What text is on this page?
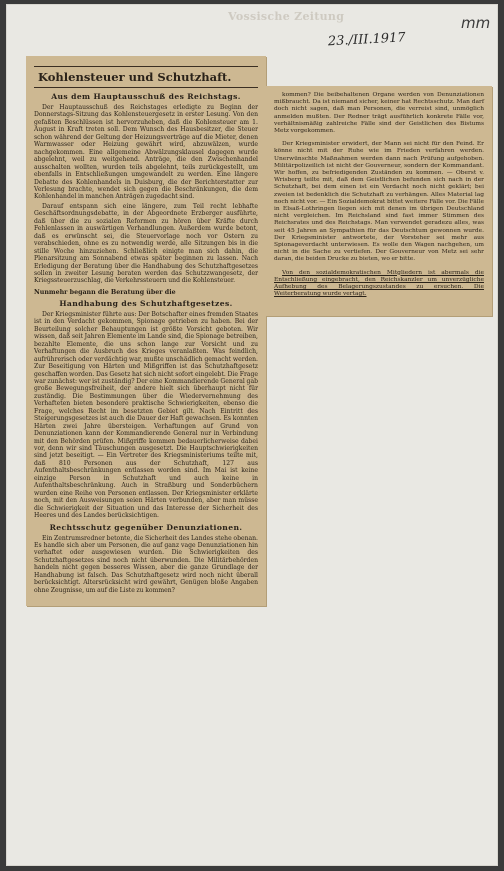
Vossische Zeitung	mm
23./III.1917
Kohlensteuer und Schutzhaft.
Aus dem Hauptausschuß des Reichstags.

Der Hauptausschuß des Reichstages erledigte zu Beginn der Donnerstags-Sitzung das Kohlensteuergesetz in erster Lesung. Von den gefaßten Beschlüssen ist hervorzuheben, daß die Kohlensteuer am 1. August in Kraft treten soll. Dem Wunsch des Hausbesitzer, die Steuer schon während der Geltung der Heizungsverträge auf die Mieter, denen Warmwasser oder Heizung gewährt wird, abzuwälzen, wurde nachgekommen. Eine allgemeine Abwälzungsklausel dagegen wurde abgelehnt, weil zu weitgehend. Anträge, die den Zwischenhandel ausschalten wollten, wurden teils abgelehnt, teils zurückgestellt, um ebenfalls in Entschließungen umgewandelt zu werden. Eine längere Debatte des Kohlenhandels in Duisburg, die der Berichterstatter zur Verlesung brachte, wendet sich gegen die Beschränkungen, die dem Kohlenhandel in manchen Anträgen zugedacht sind.

Darauf entspann sich eine längere, zum Teil recht lebhafte Geschäftsordnungsdebatte, in der Abgeordnete Erzberger ausführte, daß über die zu sozialen Reformen zu hören über Kräfte durch Fehlenlassen in auswärtigen Verhandlungen. Außerdem wurde betont, daß es erwünscht sei, die Steuervorlage noch vor Ostern zu verabschieden, ohne es zu notwendig werde, alle Sitzungen bis in die stille Woche hinzuziehen. Schließlich einigte man sich dahin, die Plenarsitzung am Sonnabend etwas später beginnen zu lassen. Nach Erledigung der Beratung über die Handhabung des Schutzhaftgesetzes sollen in zweiter Lesung beraten werden das Schutzzwangesetz, der Kriegssteuerzuschlag, die Verkehrssteuern und die Kohlensteuer.

Nunmehr begann die Beratung über die
Handhabung des Schutzhaftgesetzes.

Der Kriegsminister führte aus: Der Botschafter eines fremden Staates ist in den Verdacht gekommen, Spionage getrieben zu haben. Bei der Beurteilung solcher Behauptungen ist größte Vorsicht geboten. Wir wissen, daß seit Jahren Elemente im Lande sind, die Spionage betreiben, bezahlte Elemente, die uns schon lange zur Vorsicht und zu Verhaftungen die Ausbruch des Krieges veranlaßten. Was feindlich, aufrührerisch oder verdächtig war, mußte unschädlich gemacht werden. Zur Beseitigung von Härten und Mißgriffen ist das Schutzhaftgesetz geschaffen worden. Das Gesetz hat sich nicht sofort eingelebt. Die Frage war zunächst: wer ist zuständig? Der eine Kommandierende General gab große Bewegungsfreiheit, der andere hielt sich überhaupt nicht für zuständig. Die Bestimmungen über die Wiedervernehmung des Verhafteten bieten besondere praktische Schwierigkeiten, ebenso die Frage, welches Recht im besetzten Gebiet gilt. Nach Eintritt des Steigerungsgesetzes ist auch die Dauer der Haft gewachsen. Es konnten Härten zwei Jahre übersteigen. Verhaftungen auf Grund von Denunziationen kann der Kommandierende General nur in Verbindung mit den Behörden prüfen. Mißgriffe kommen bedauerlicherweise dabei vor, denn wir sind Täuschungen ausgesetzt. Die Hauptschwierigkeiten sind jetzt beseitigt. — Ein Vertreter des Kriegsministeriums teilte mit, daß 810 Personen aus der Schutzhaft, 127 aus Aufenthaltsbeschränkungen entlassen worden sind. Im Mai ist keine einzige Person in Schutzhaft und auch keine in Aufenthaltsbeschränkung. Auch in Straßburg und Sonderbüchern wurden eine Reihe von Personen entlassen. Der Kriegsminister erklärte noch, mit den Ausweisungen seien Härten verbunden, aber man müsse die Schwierigkeit der Situation und das Interesse der Sicherheit des Heeres und des Landes berücksichtigen.

Rechtsschutz gegenüber Denunziationen.

Ein Zentrumsredner betonte, die Sicherheit des Landes stehe obenan. Es handle sich aber um Personen, die auf ganz vage Denunziationen hin verhaftet oder ausgewiesen wurden. Die Schwierigkeiten des Schutzhaftgesetzes sind noch nicht überwunden. Die Militärbehörden handeln nicht gegen besseres Wissen, aber die ganze Grundlage der Handhabung ist falsch. Das Schutzhaftgesetz wird noch nicht überall berücksichtigt. Altersrücksicht wird gewährt, Genügen bloße Angaben ohne Zeugnisse, um auf die Liste zu kommen?

kommen? Die beibehaltenen Organe werden von Denunziationen mißbraucht. Da ist niemand sicher, keiner hat Rechtsschutz. Man darf doch nicht sagen, daß man Personen, die verreist sind, unmöglich anmelden mußten. Der Redner trägt ausführlich konkrete Fälle vor, verhältnismäßig zahlreiche Fälle sind der Geistlichen des Bistums Metz vorgekommen.

Der Kriegsminister erwidert, der Mann sei nicht für den Feind. Er könne nicht mit der Ruhe wie im Frieden verfahren werden. Unerwünschte Maßnahmen werden dann nach Prüfung aufgehoben. Militärpolizeilich ist nicht der Gouverneur, sondern der Kommandant. Wir hoffen, zu befriedigenden Zuständen zu kommen. — Oberst v. Wrisberg teilte mit, daß dem Geistlichen befunden sich nach in der Schutzhaft, bei dem einen ist ein Verdacht noch nicht geklärt; bei zweien ist bedenklich die Schutzhaft zu verhängen. Alles Material lag noch nicht vor. — Ein Sozialdemokrat bittet weitere Fälle vor. Die Fälle in Elsaß-Lothringen liegen sich mit denen im übrigen Deutschland nicht vergleichen. Im Reichsland sind fast immer Stimmen des Reichsrates und des Reichstags. Man verwendet geradezu alles, was seit 45 Jahren an Sympathien für das Deutschtum gewonnen wurde. Der Kriegsminister antwortete, der Vorsteher sei mehr aus Spionageverdacht unterwiesen. Es wolle den Wagen nachgehen, um nicht in die Sache zu vertiefen. Der Gouverneur von Metz sei sehr daran, die beiden Drucke zu bieten, wo er bitte.

Von den sozialdemokratischen Mitgliedern ist abermals die Entschließung eingebracht, den Reichskanzler um unverzügliche Aufhebung des Belagerungszustandes zu ersuchen. Die Weiterberatung wurde vertagt.
